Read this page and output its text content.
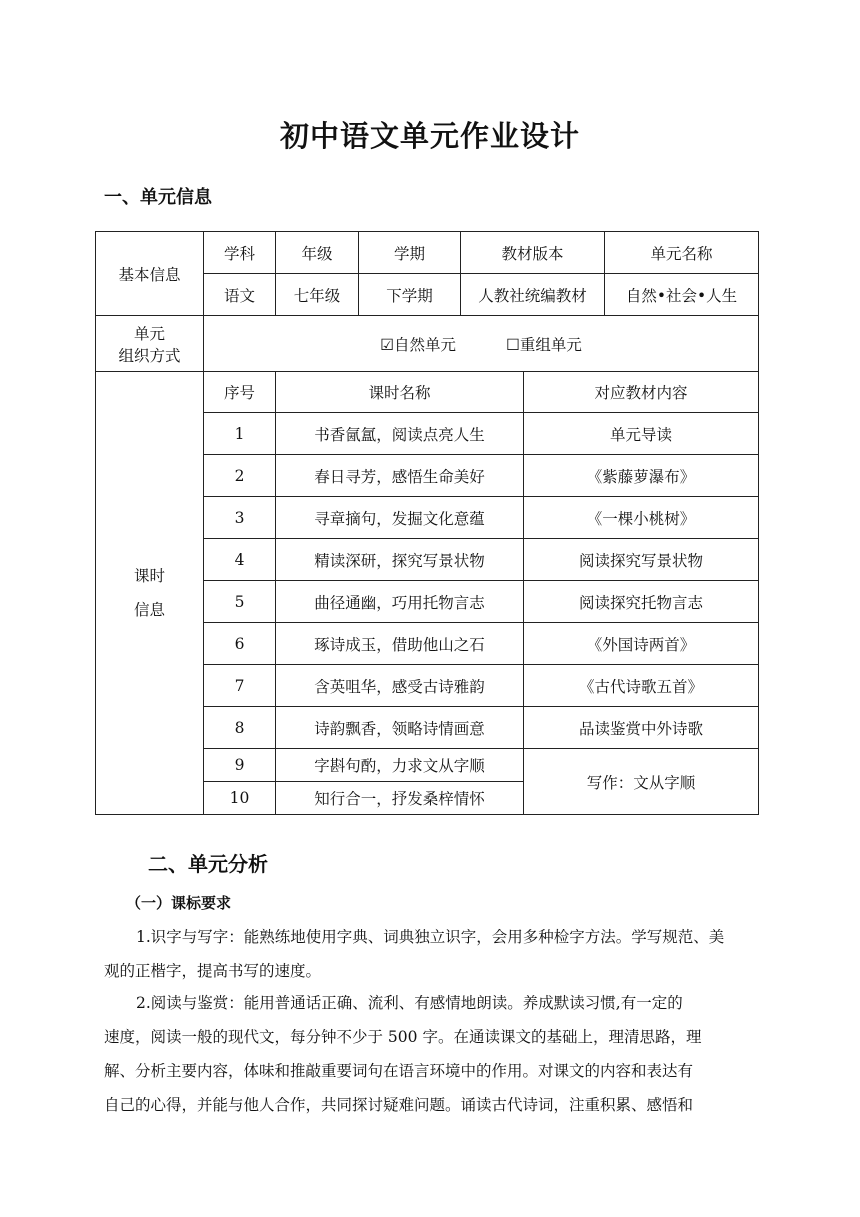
初中语文单元作业设计
一、单元信息
基本信息	学科	年级	学期	教材版本		单元名称
	语文	七年级	下学期	人教社统编教材		自然•社会•人生

单元
组织方式	☑自然单元 ☐重组单元					

课时
信息	序号	课时名称			对应教材内容	
	1	书香氤氲，阅读点亮人生			单元导读	
	2	春日寻芳，感悟生命美好			《紫藤萝瀑布》	
	3	寻章摘句，发掘文化意蕴			《一棵小桃树》	
	4	精读深研，探究写景状物			阅读探究写景状物	
	5	曲径通幽，巧用托物言志			阅读探究托物言志	
	6	琢诗成玉，借助他山之石			《外国诗两首》	
	7	含英咀华，感受古诗雅韵			《古代诗歌五首》	
	8	诗韵飘香，领略诗情画意			品读鉴赏中外诗歌	
	9	字斟句酌，力求文从字顺			写作：文从字顺	
	10	知行合一，抒发桑梓情怀				
二、单元分析
（一）课标要求
1.识字与写字：能熟练地使用字典、词典独立识字，会用多种检字方法。学写规范、美
观的正楷字，提高书写的速度。
2.阅读与鉴赏：能用普通话正确、流利、有感情地朗读。养成默读习惯,有一定的
速度，阅读一般的现代文，每分钟不少于 500 字。在通读课文的基础上，理清思路，理
解、分析主要内容，体味和推敲重要词句在语言环境中的作用。对课文的内容和表达有
自己的心得，并能与他人合作，共同探讨疑难问题。诵读古代诗词，注重积累、感悟和
